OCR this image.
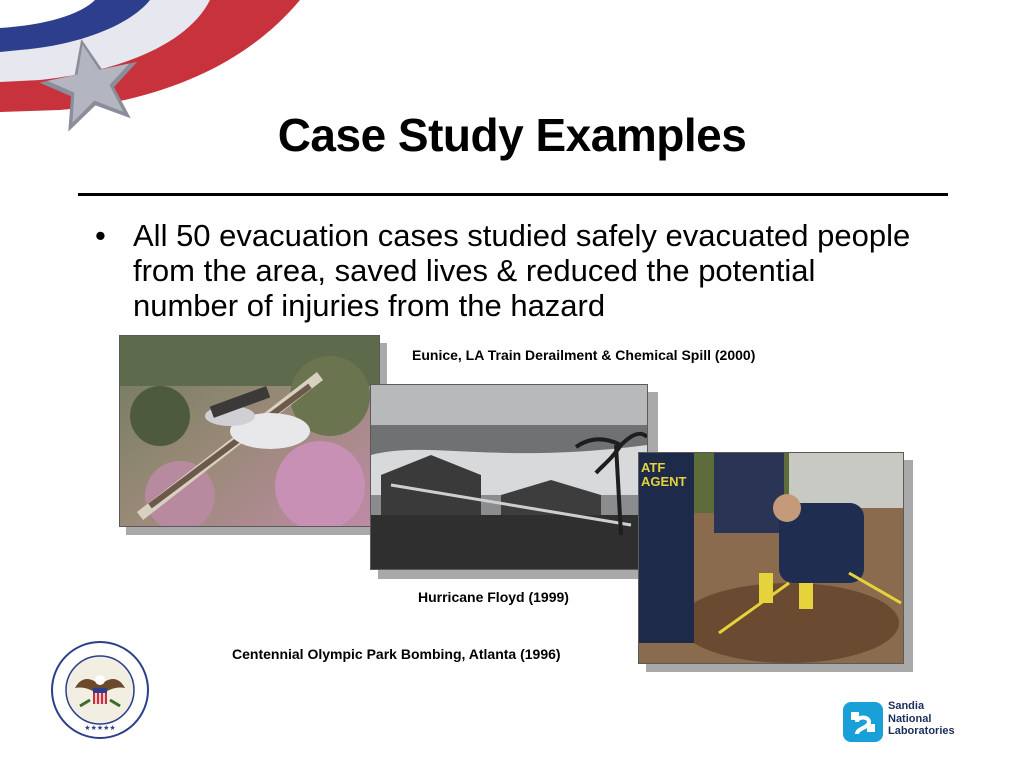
Case Study Examples
• All 50 evacuation cases studied safely evacuated people from the area, saved lives & reduced the potential number of injuries from the hazard
ATF AGENT
Eunice, LA Train Derailment & Chemical Spill (2000)
Hurricane Floyd (1999)
Centennial Olympic Park Bombing, Atlanta (1996)
★★★★★
Sandia
National
Laboratories
